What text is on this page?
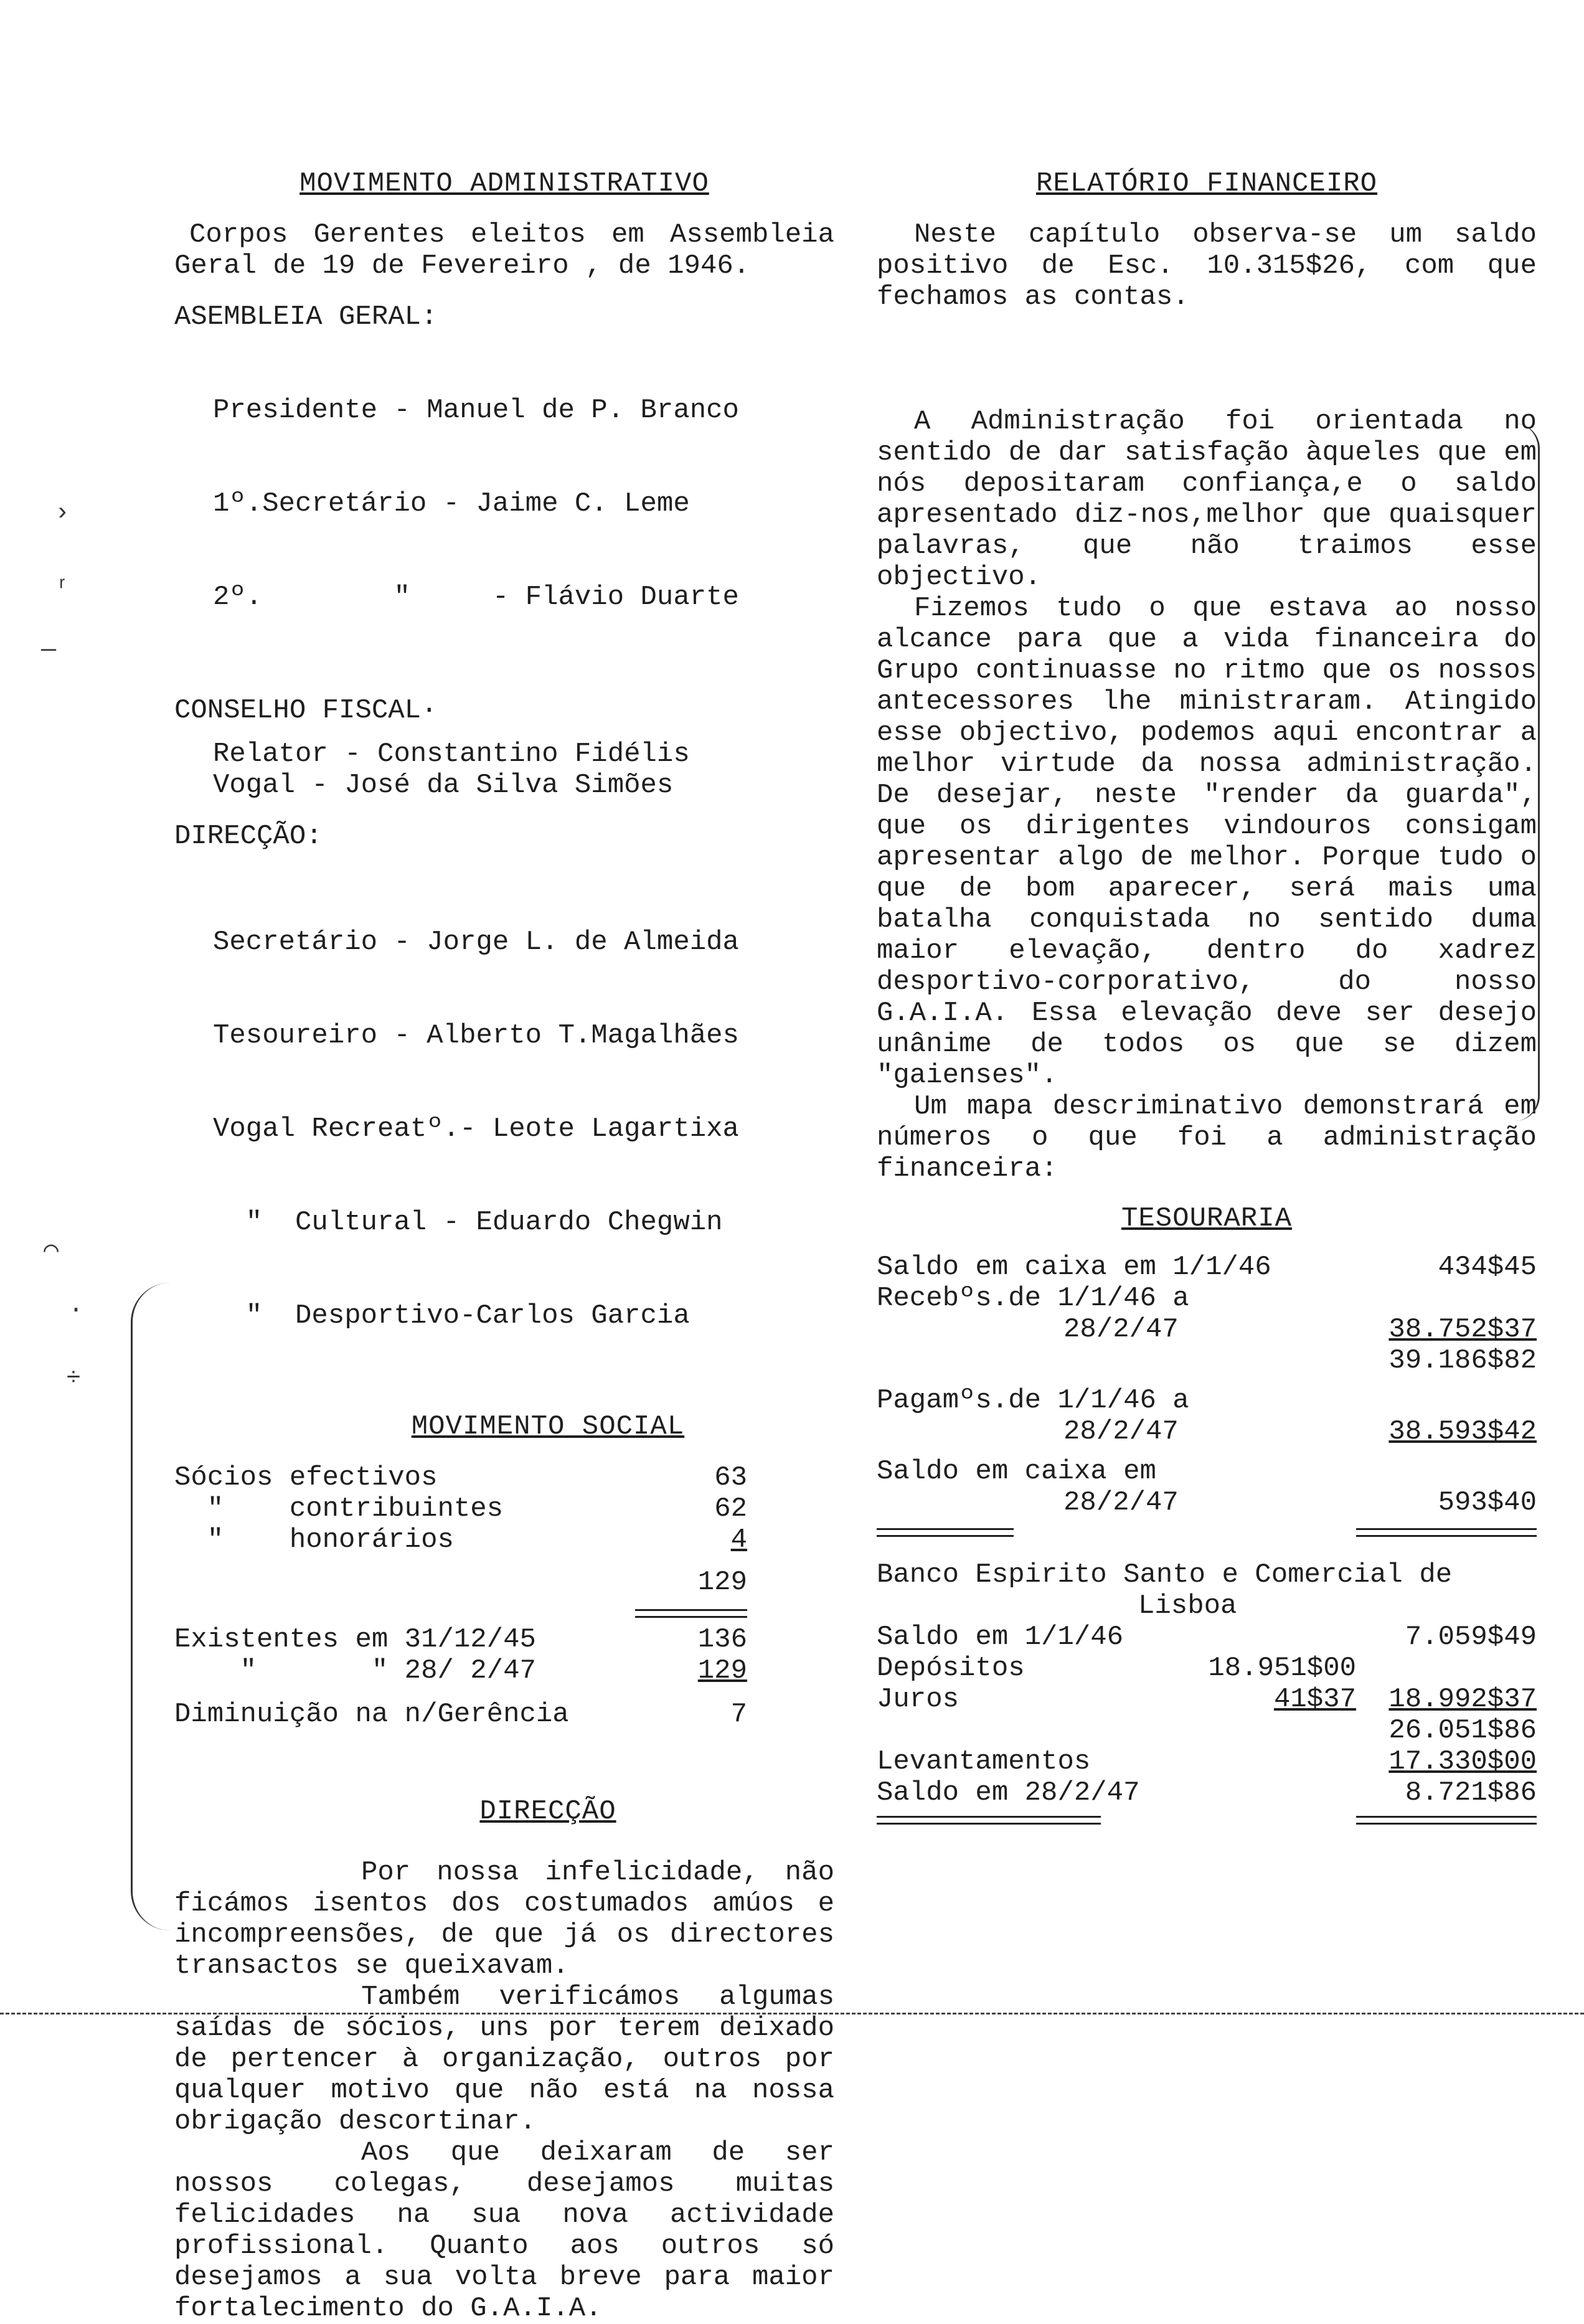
MOVIMENTO ADMINISTRATIVO

Corpos Gerentes eleitos em Assembleia Geral de 19 de Fevereiro , de 1946.

ASEMBLEIA GERAL:

Presidente - Manuel de P. Branco

1º.Secretário - Jaime C. Leme

2º.        "     - Flávio Duarte

CONSELHO FISCAL·

Relator - Constantino Fidélis

Vogal - José da Silva Simões

DIRECÇÃO:

Secretário - Jorge L. de Almeida

Tesoureiro - Alberto T.Magalhães

Vogal Recreatº.- Leote Lagartixa

"  Cultural - Eduardo Chegwin

"  Desportivo-Carlos Garcia

MOVIMENTO SOCIAL

Sócios efectivos	63
"    contribuintes	62
"    honorários	4
129
Existentes em 31/12/45	136
"       " 28/ 2/47	129
Diminuição na n/Gerência	7

DIRECÇÃO

Por nossa infelicidade, não ficámos isentos dos costumados amúos e incompreensões, de que já os directores transactos se queixavam.

Também verificámos algumas saídas de sócios, uns por terem deixado de pertencer à organização, outros por qualquer motivo que não está na nossa obrigação descortinar.

Aos que deixaram de ser nossos colegas, desejamos muitas felicidades na sua nova actividade profissional. Quanto aos outros só desejamos a sua volta breve para maior fortalecimento do G.A.I.A.

RELATÓRIO FINANCEIRO

Neste capítulo observa-se um saldo positivo de Esc. 10.315$26, com que fechamos as contas.

A Administração foi orientada no sentido de dar satisfação àqueles que em nós depositaram confiança,e o saldo apresentado diz-nos,melhor que quaisquer palavras, que não traimos esse objectivo.

Fizemos tudo o que estava ao nosso alcance para que a vida financeira do Grupo continuasse no ritmo que os nossos antecessores lhe ministraram. Atingido esse objectivo, podemos aqui encontrar a melhor virtude da nossa administração. De desejar, neste "render da guarda", que os dirigentes vindouros consigam apresentar algo de melhor. Porque tudo o que de bom aparecer, será mais uma batalha conquistada no sentido duma maior elevação, dentro do xadrez desportivo-corporativo, do nosso G.A.I.A. Essa elevação deve ser desejo unânime de todos os que se dizem "gaienses".

Um mapa descriminativo demonstrará em números o que foi a administração financeira:

TESOURARIA

Saldo em caixa em 1/1/46	434$45
Recebºs.de 1/1/46 a
28/2/47	38.752$37
39.186$82
Pagamºs.de 1/1/46 a
28/2/47	38.593$42
Saldo em caixa em
28/2/47	593$40

Banco Espirito Santo e Comercial de

Lisboa

Saldo em 1/1/46	7.059$49
Depósitos	18.951$00
Juros	41$37	18.992$37
26.051$86
Levantamentos	17.330$00
Saldo em 28/2/47	8.721$86
›
ʳ
—
⌒
·
÷
